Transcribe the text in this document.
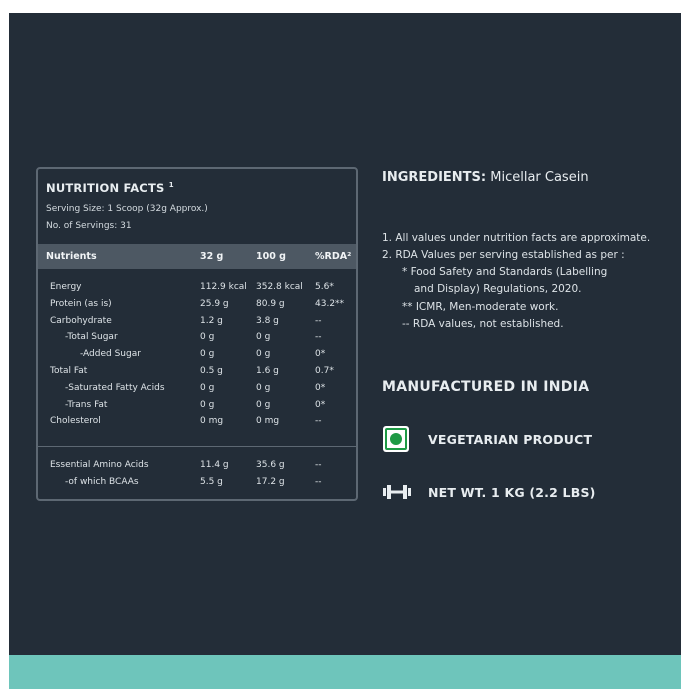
NUTRITION FACTS $^1$
Serving Size: 1 Scoop (32g Approx.)
No. of Servings: 31
Nutrients	32 g	100 g	%RDA²
Energy	112.9 kcal 352.8 kcal 5.6*
Protein (as is)	25.9 g	80.9 g	43.2**
Carbohydrate	1.2 g	3.8 g	--
-Total Sugar	0 g	0 g	--
-Added Sugar	0 g	0 g	0*
Total Fat	0.5 g	1.6 g	0.7*
-Saturated Fatty Acids	0 g	0 g	0*
-Trans Fat	0 g	0 g	0*
Cholesterol	0 mg	0 mg	--
Essential Amino Acids	11.4 g	35.6 g	--
-of which BCAAs	5.5 g	17.2 g	--
INGREDIENTS: Micellar Casein
1. All values under nutrition facts are approximate.
2. RDA Values per serving established as per :
* Food Safety and Standards (Labelling
and Display) Regulations, 2020.
** ICMR, Men-moderate work.
-- RDA values, not established.
MANUFACTURED IN INDIA
VEGETARIAN PRODUCT
NET WT. 1 KG (2.2 LBS)
